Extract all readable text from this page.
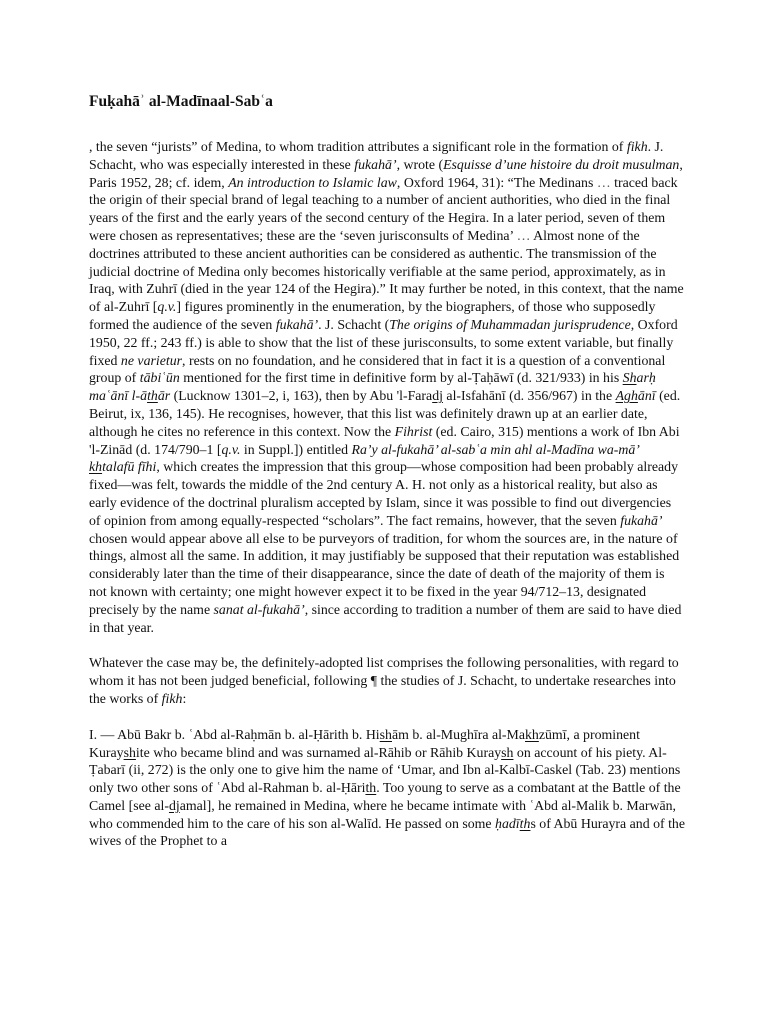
Fuḳahāʾ al-Madīnaal-Sabʿa

, the seven “jurists” of Medina, to whom tradition attributes a significant role in the formation of fikh. J. Schacht, who was especially interested in these fukahā’, wrote (Esquisse d’une histoire du droit musulman, Paris 1952, 28; cf. idem, An introduction to Islamic law, Oxford 1964, 31): “The Medinans … traced back the origin of their special brand of legal teaching to a number of ancient authorities, who died in the final years of the first and the early years of the second century of the Hegira. In a later period, seven of them were chosen as representatives; these are the ‘seven jurisconsults of Medina’ … Almost none of the doctrines attributed to these ancient authorities can be considered as authentic. The transmission of the judicial doctrine of Medina only becomes historically verifiable at the same period, approximately, as in Iraq, with Zuhrī (died in the year 124 of the Hegira).” It may further be noted, in this context, that the name of al-Zuhrī [q.v.] figures prominently in the enumeration, by the biographers, of those who supposedly formed the audience of the seven fukahā’. J. Schacht (The origins of Muhammadan jurisprudence, Oxford 1950, 22 ff.; 243 ff.) is able to show that the list of these jurisconsults, to some extent variable, but finally fixed ne varietur, rests on no foundation, and he considered that in fact it is a question of a conventional group of tābiʿūn mentioned for the first time in definitive form by al-Ṭaḥāwī (d. 321/933) in his Sharḥ maʿānī l-āthār (Lucknow 1301–2, i, 163), then by Abu 'l-Faradj al-Isfahānī (d. 356/967) in the Aghānī (ed. Beirut, ix, 136, 145). He recognises, however, that this list was definitely drawn up at an earlier date, although he cites no reference in this context. Now the Fihrist (ed. Cairo, 315) mentions a work of Ibn Abi 'l-Zinād (d. 174/790–1 [q.v. in Suppl.]) entitled Ra’y al-fukahā’ al-sabʿa min ahl al-Madīna wa-mā’ khtalafū fīhi, which creates the impression that this group—whose composition had been probably already fixed—was felt, towards the middle of the 2nd century A. H. not only as a historical reality, but also as early evidence of the doctrinal pluralism accepted by Islam, since it was possible to find out divergencies of opinion from among equally-respected “scholars”. The fact remains, however, that the seven fukahā’ chosen would appear above all else to be purveyors of tradition, for whom the sources are, in the nature of things, almost all the same. In addition, it may justifiably be supposed that their reputation was established considerably later than the time of their disappearance, since the date of death of the majority of them is not known with certainty; one might however expect it to be fixed in the year 94/712–13, designated precisely by the name sanat al-fukahā’, since according to tradition a number of them are said to have died in that year.

Whatever the case may be, the definitely-adopted list comprises the following personalities, with regard to whom it has not been judged beneficial, following ¶ the studies of J. Schacht, to undertake researches into the works of fikh:

I. — Abū Bakr b. ʿAbd al-Raḥmān b. al-Ḥārith b. Hishām b. al-Mughīra al-Makhzūmī, a prominent Kurayshite who became blind and was surnamed al-Rāhib or Rāhib Kuraysh on account of his piety. Al-Ṭabarī (ii, 272) is the only one to give him the name of ‘Umar, and Ibn al-Kalbī-Caskel (Tab. 23) mentions only two other sons of ʿAbd al-Rahman b. al-Ḥārith. Too young to serve as a combatant at the Battle of the Camel [see al-djamal], he remained in Medina, where he became intimate with ʿAbd al-Malik b. Marwān, who commended him to the care of his son al-Walīd. He passed on some ḥadīths of Abū Hurayra and of the wives of the Prophet to a
